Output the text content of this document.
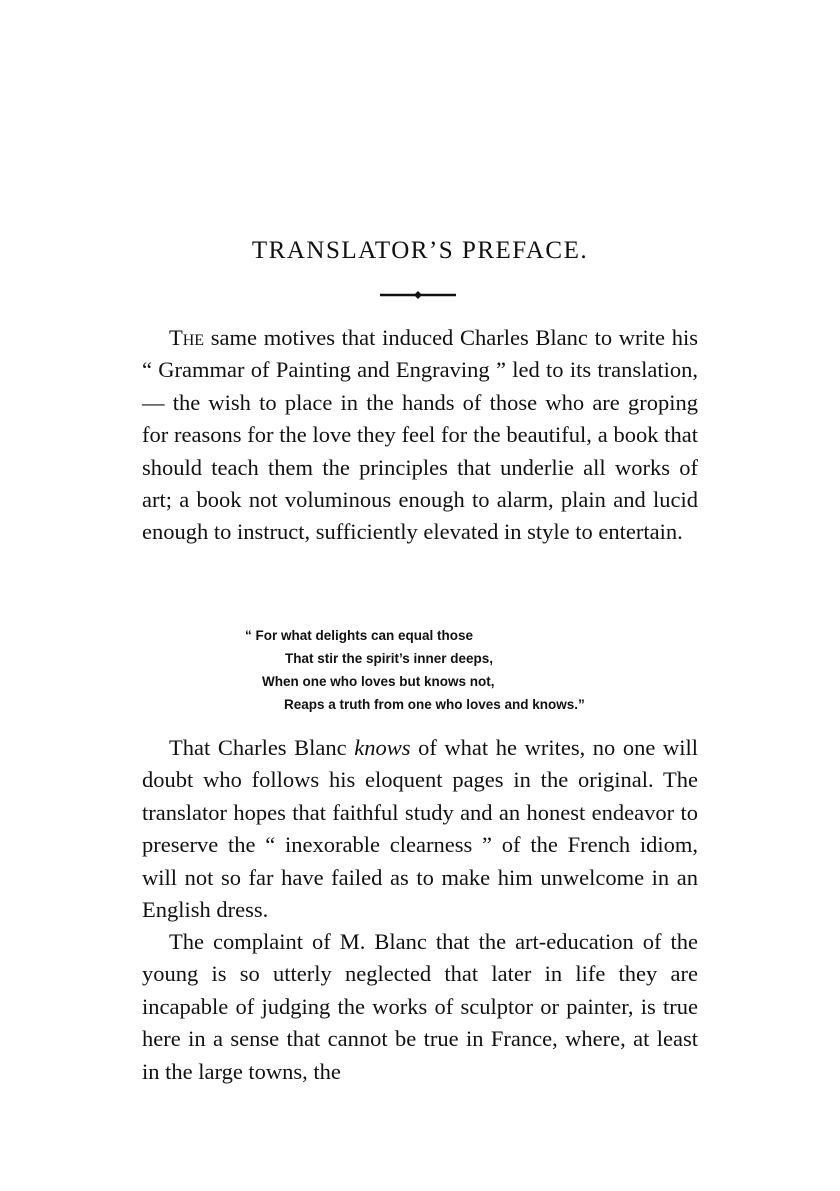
TRANSLATOR’S PREFACE.

The same motives that induced Charles Blanc to write his “ Grammar of Painting and Engraving ” led to its translation, — the wish to place in the hands of those who are groping for reasons for the love they feel for the beautiful, a book that should teach them the principles that underlie all works of art; a book not voluminous enough to alarm, plain and lucid enough to instruct, sufficiently elevated in style to entertain.

“ For what delights can equal those
That stir the spirit’s inner deeps,
When one who loves but knows not,
Reaps a truth from one who loves and knows.”

That Charles Blanc knows of what he writes, no one will doubt who follows his eloquent pages in the original. The translator hopes that faithful study and an honest endeavor to preserve the “ inexorable clearness ” of the French idiom, will not so far have failed as to make him unwelcome in an English dress.

The complaint of M. Blanc that the art-education of the young is so utterly neglected that later in life they are incapable of judging the works of sculptor or painter, is true here in a sense that cannot be true in France, where, at least in the large towns, the
